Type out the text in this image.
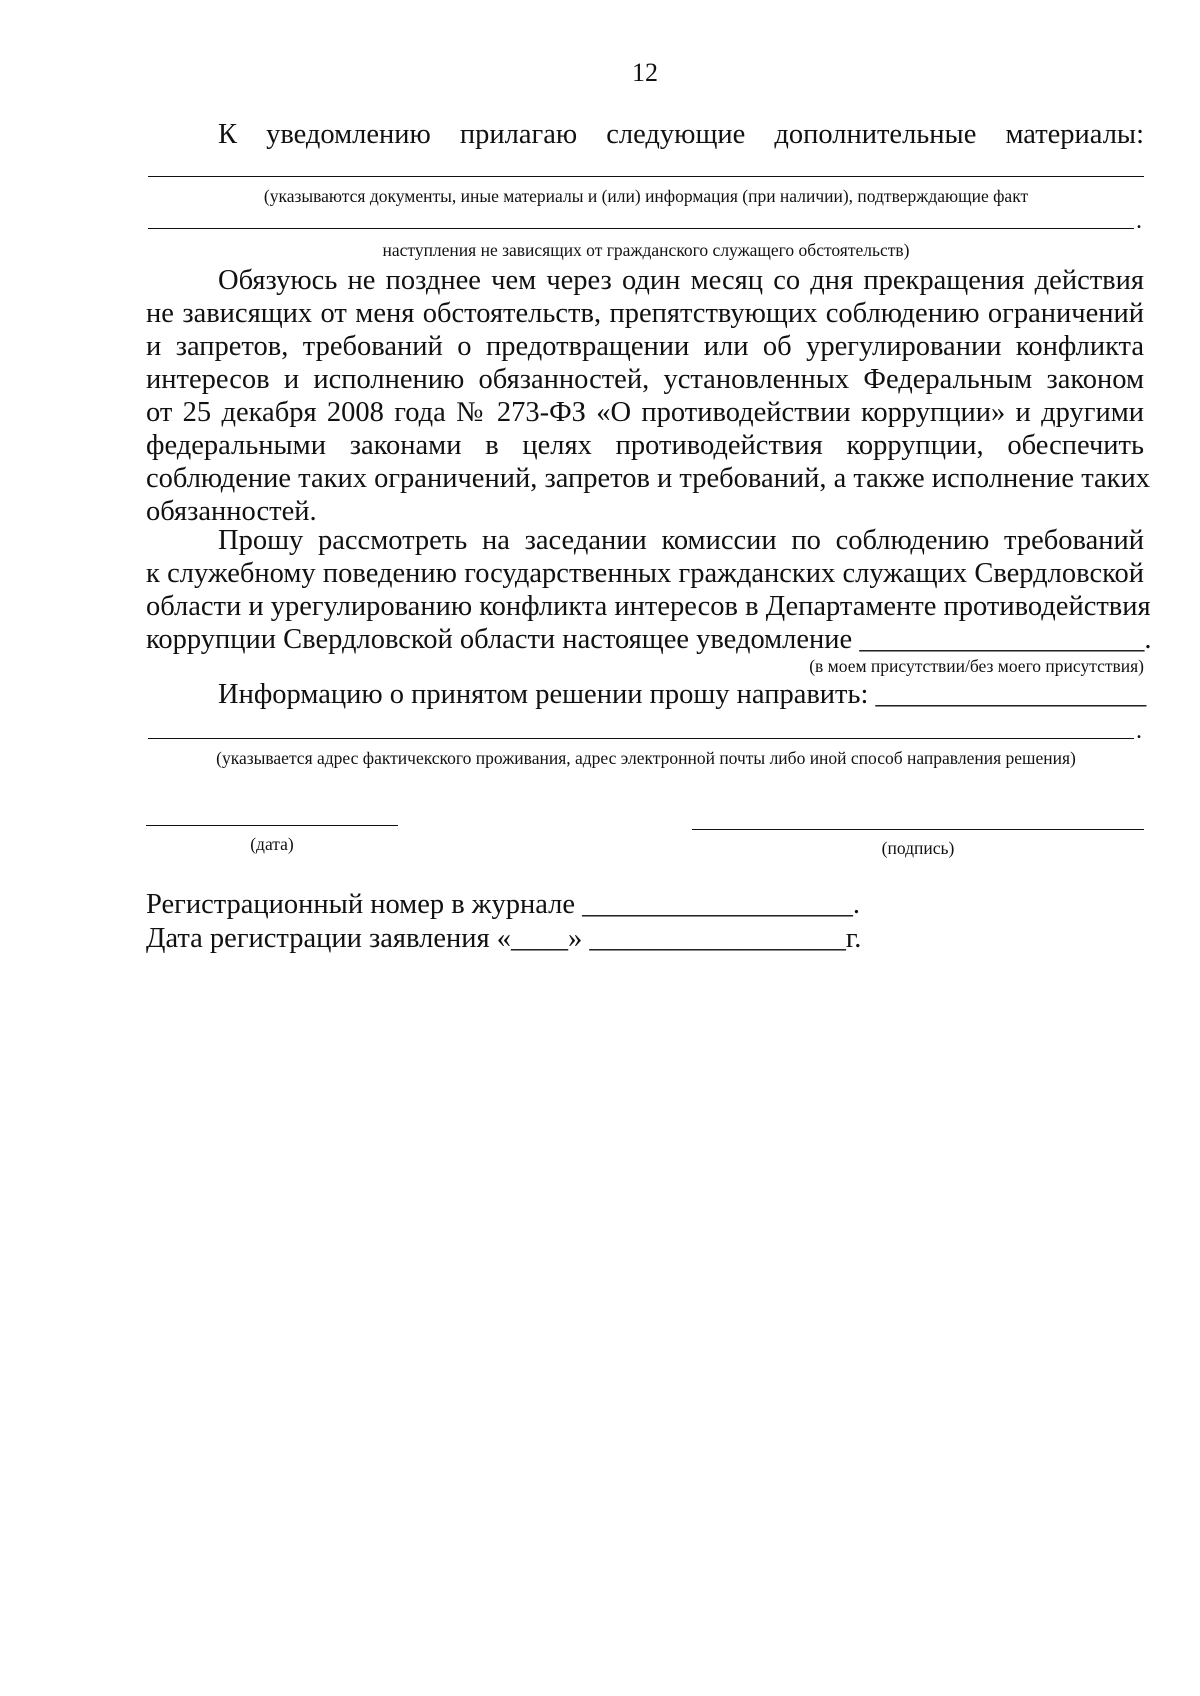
12
К уведомлению прилагаю следующие дополнительные материалы:
(указываются документы, иные материалы и (или) информация (при наличии), подтверждающие факт
.
наступления не зависящих от гражданского служащего обстоятельств)
Обязуюсь не позднее чем через один месяц со дня прекращения действия
не зависящих от меня обстоятельств, препятствующих соблюдению ограничений
и запретов, требований о предотвращении или об урегулировании конфликта
интересов и исполнению обязанностей, установленных Федеральным законом
от 25 декабря 2008 года № 273-ФЗ «О противодействии коррупции» и другими
федеральными законами в целях противодействия коррупции, обеспечить
соблюдение таких ограничений, запретов и требований, а также исполнение таких
обязанностей.
Прошу рассмотреть на заседании комиссии по соблюдению требований
к служебному поведению государственных гражданских служащих Свердловской
области и урегулированию конфликта интересов в Департаменте противодействия
коррупции Свердловской области настоящее уведомление ____________________.
(в моем присутствии/без моего присутствия)
Информацию о принятом решении прошу направить: ___________________
.
(указывается адрес фактичекского проживания, адрес электронной почты либо иной способ направления решения)
(дата)	(подпись)
Регистрационный номер в журнале ___________________.
Дата регистрации заявления «____» __________________г.
